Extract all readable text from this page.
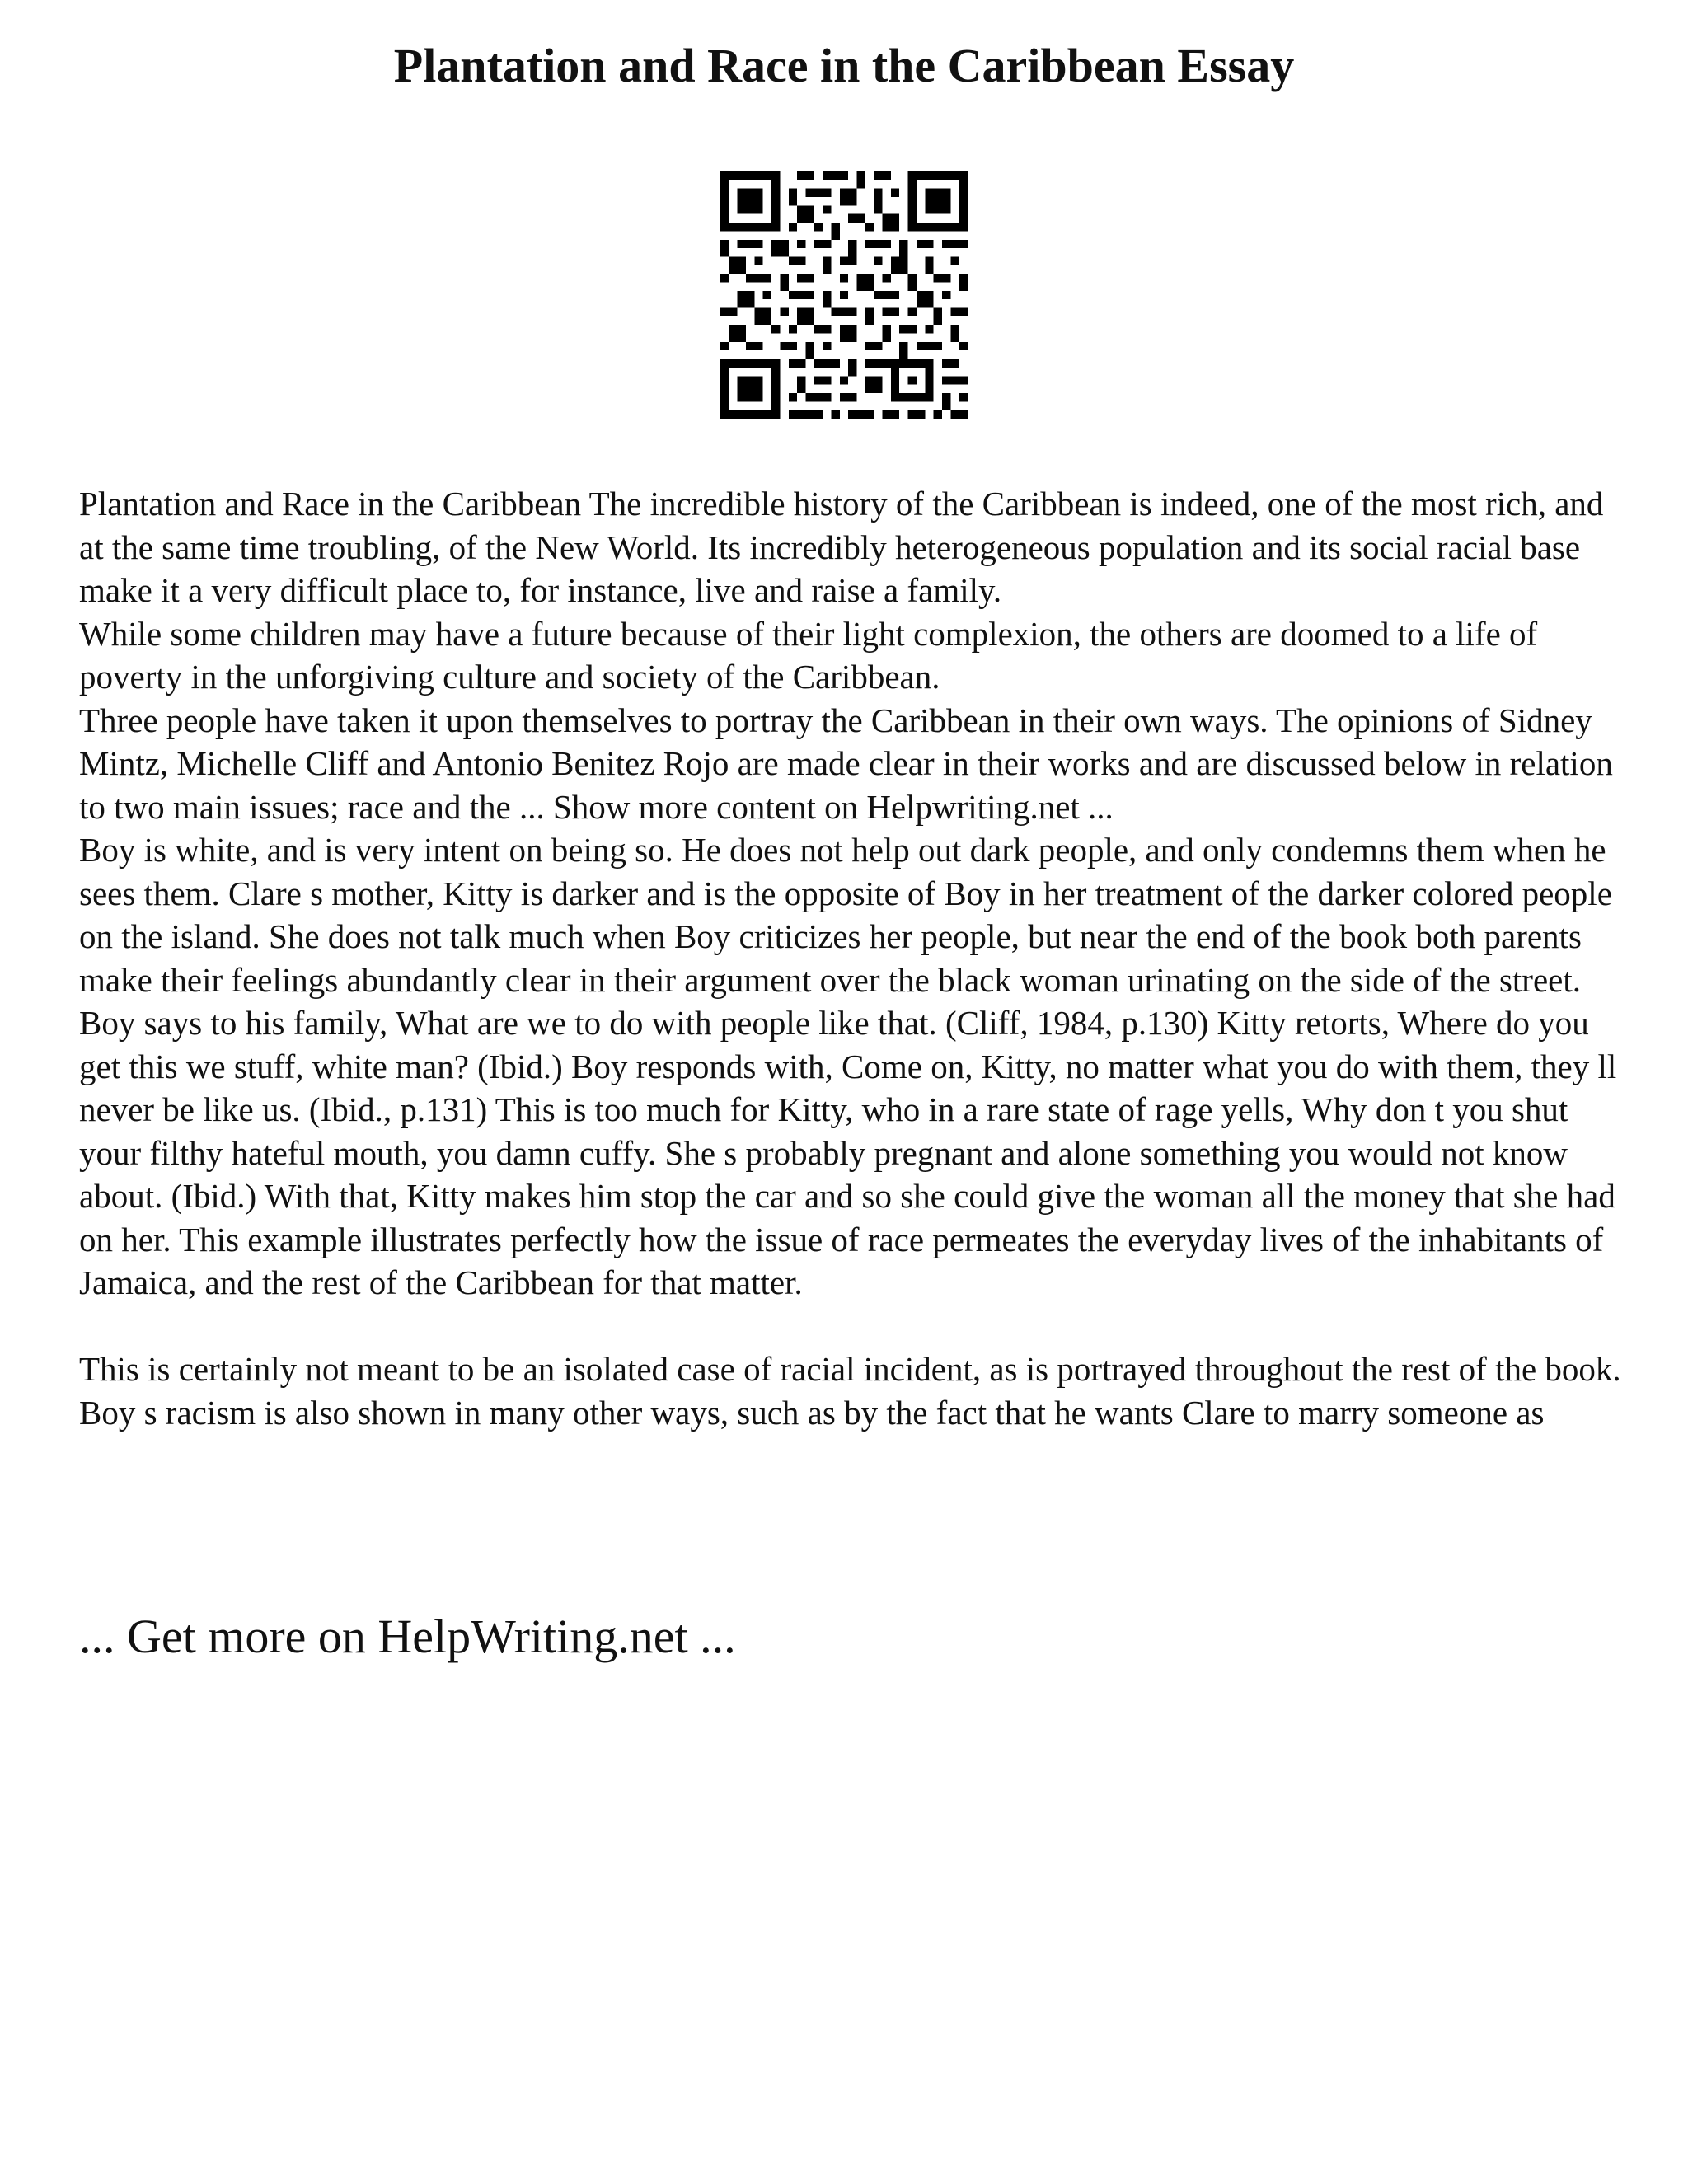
Plantation and Race in the Caribbean Essay

Plantation and Race in the Caribbean The incredible history of the Caribbean is indeed, one of the most rich, and at the same time troubling, of the New World. Its incredibly heterogeneous population and its social racial base make it a very difficult place to, for instance, live and raise a family.

While some children may have a future because of their light complexion, the others are doomed to a life of poverty in the unforgiving culture and society of the Caribbean.

Three people have taken it upon themselves to portray the Caribbean in their own ways. The opinions of Sidney Mintz, Michelle Cliff and Antonio Benitez Rojo are made clear in their works and are discussed below in relation to two main issues; race and the ... Show more content on Helpwriting.net ...

Boy is white, and is very intent on being so. He does not help out dark people, and only condemns them when he sees them. Clare s mother, Kitty is darker and is the opposite of Boy in her treatment of the darker colored people on the island. She does not talk much when Boy criticizes her people, but near the end of the book both parents make their feelings abundantly clear in their argument over the black woman urinating on the side of the street. Boy says to his family, What are we to do with people like that. (Cliff, 1984, p.130) Kitty retorts, Where do you get this we stuff, white man? (Ibid.) Boy responds with, Come on, Kitty, no matter what you do with them, they ll never be like us. (Ibid., p.131) This is too much for Kitty, who in a rare state of rage yells, Why don t you shut your filthy hateful mouth, you damn cuffy. She s probably pregnant and alone something you would not know about. (Ibid.) With that, Kitty makes him stop the car and so she could give the woman all the money that she had on her. This example illustrates perfectly how the issue of race permeates the everyday lives of the inhabitants of Jamaica, and the rest of the Caribbean for that matter.

This is certainly not meant to be an isolated case of racial incident, as is portrayed throughout the rest of the book. Boy s racism is also shown in many other ways, such as by the fact that he wants Clare to marry someone as

... Get more on HelpWriting.net ...
